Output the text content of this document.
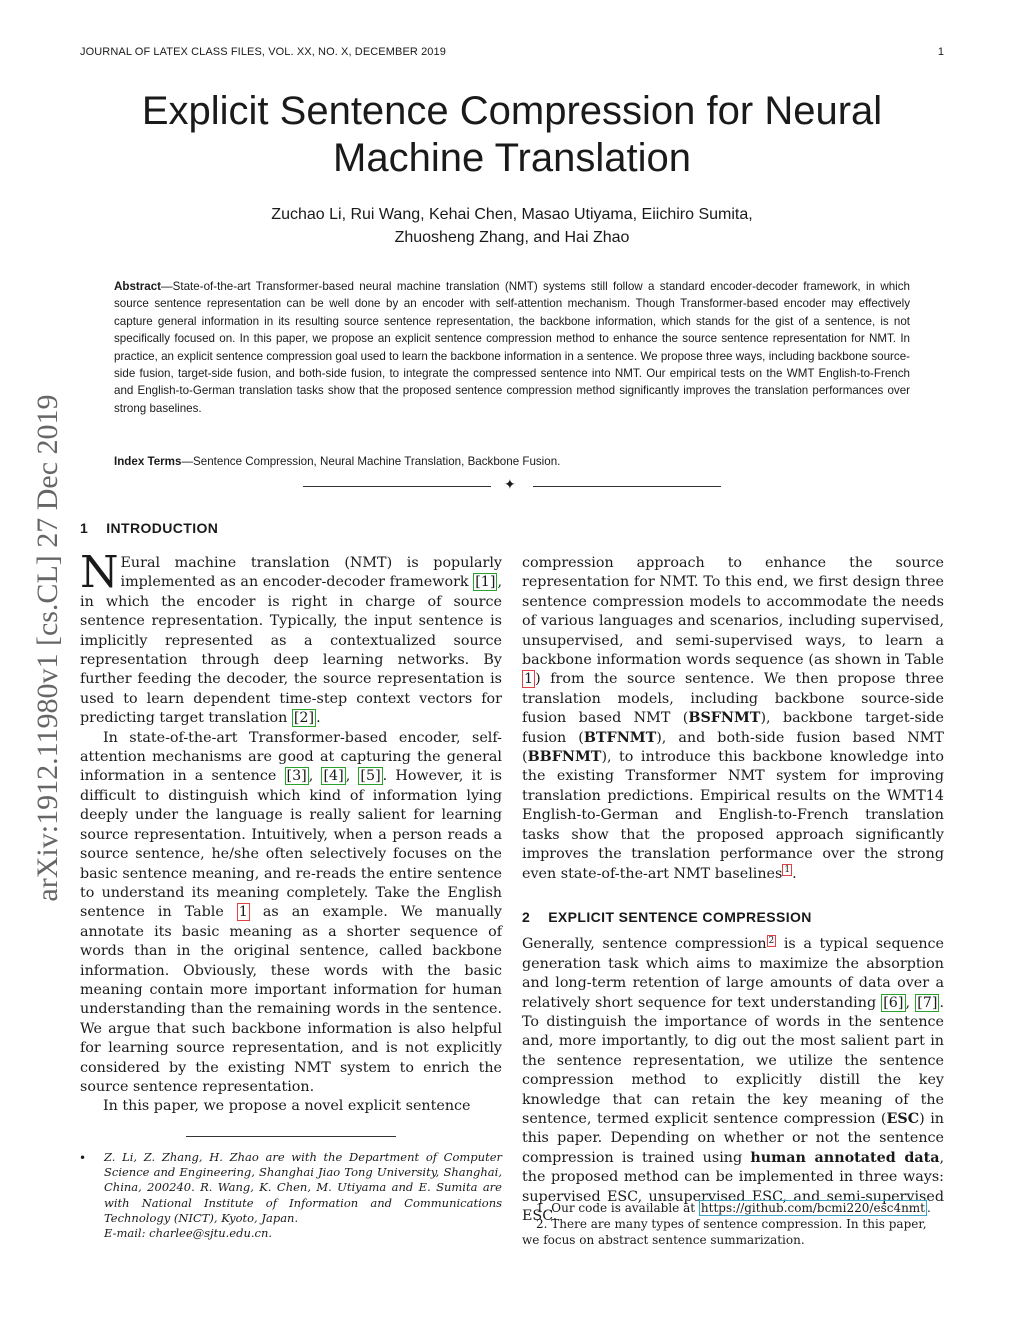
JOURNAL OF LATEX CLASS FILES, VOL. XX, NO. X, DECEMBER 2019	1
arXiv:1912.11980v1 [cs.CL] 27 Dec 2019
Explicit Sentence Compression for Neural Machine Translation
Zuchao Li, Rui Wang, Kehai Chen, Masao Utiyama, Eiichiro Sumita,
Zhuosheng Zhang, and Hai Zhao

Abstract—State-of-the-art Transformer-based neural machine translation (NMT) systems still follow a standard encoder-decoder framework, in which source sentence representation can be well done by an encoder with self-attention mechanism. Though Transformer-based encoder may effectively capture general information in its resulting source sentence representation, the backbone information, which stands for the gist of a sentence, is not specifically focused on. In this paper, we propose an explicit sentence compression method to enhance the source sentence representation for NMT. In practice, an explicit sentence compression goal used to learn the backbone information in a sentence. We propose three ways, including backbone source-side fusion, target-side fusion, and both-side fusion, to integrate the compressed sentence into NMT. Our empirical tests on the WMT English-to-French and English-to-German translation tasks show that the proposed sentence compression method significantly improves the translation performances over strong baselines.

Index Terms—Sentence Compression, Neural Machine Translation, Backbone Fusion.

✦
1 INTRODUCTION

N Eural machine translation (NMT) is popularly implemented as an encoder-decoder framework [1] , in which the encoder is right in charge of source sentence representation. Typically, the input sentence is implicitly represented as a contextualized source representation through deep learning networks. By further feeding the decoder, the source representation is used to learn dependent time-step context vectors for predicting target translation [2] .

In state-of-the-art Transformer-based encoder, self-attention mechanisms are good at capturing the general information in a sentence [3] , [4] , [5] . However, it is difficult to distinguish which kind of information lying deeply under the language is really salient for learning source representation. Intuitively, when a person reads a source sentence, he/she often selectively focuses on the basic sentence meaning, and re-reads the entire sentence to understand its meaning completely. Take the English sentence in Table 1 as an example. We manually annotate its basic meaning as a shorter sequence of words than in the original sentence, called backbone information. Obviously, these words with the basic meaning contain more important information for human understanding than the remaining words in the sentence. We argue that such backbone information is also helpful for learning source representation, and is not explicitly considered by the existing NMT system to enrich the source sentence representation.

In this paper, we propose a novel explicit sentence

compression approach to enhance the source representation for NMT. To this end, we first design three sentence compression models to accommodate the needs of various languages and scenarios, including supervised, unsupervised, and semi-supervised ways, to learn a backbone information words sequence (as shown in Table 1 ) from the source sentence. We then propose three translation models, including backbone source-side fusion based NMT (BSFNMT), backbone target-side fusion (BTFNMT), and both-side fusion based NMT (BBFNMT), to introduce this backbone knowledge into the existing Transformer NMT system for improving translation predictions. Empirical results on the WMT14 English-to-German and English-to-French translation tasks show that the proposed approach significantly improves the translation performance over the strong even state-of-the-art NMT baselines $^1$ .

2 EXPLICIT SENTENCE COMPRESSION

Generally, sentence compression $^2$ is a typical sequence generation task which aims to maximize the absorption and long-term retention of large amounts of data over a relatively short sequence for text understanding [6] , [7] . To distinguish the importance of words in the sentence and, more importantly, to dig out the most salient part in the sentence representation, we utilize the sentence compression method to explicitly distill the key knowledge that can retain the key meaning of the sentence, termed explicit sentence compression (ESC) in this paper. Depending on whether or not the sentence compression is trained using human annotated data, the proposed method can be implemented in three ways: supervised ESC, unsupervised ESC, and semi-supervised ESC.

• Z. Li, Z. Zhang, H. Zhao are with the Department of Computer Science and Engineering, Shanghai Jiao Tong University, Shanghai, China, 200240. R. Wang, K. Chen, M. Utiyama and E. Sumita are with National Institute of Information and Communications Technology (NICT), Kyoto, Japan.
E-mail: charlee@sjtu.edu.cn.

1. Our code is available at https://github.com/bcmi220/esc4nmt .

2. There are many types of sentence compression. In this paper, we focus on abstract sentence summarization.
